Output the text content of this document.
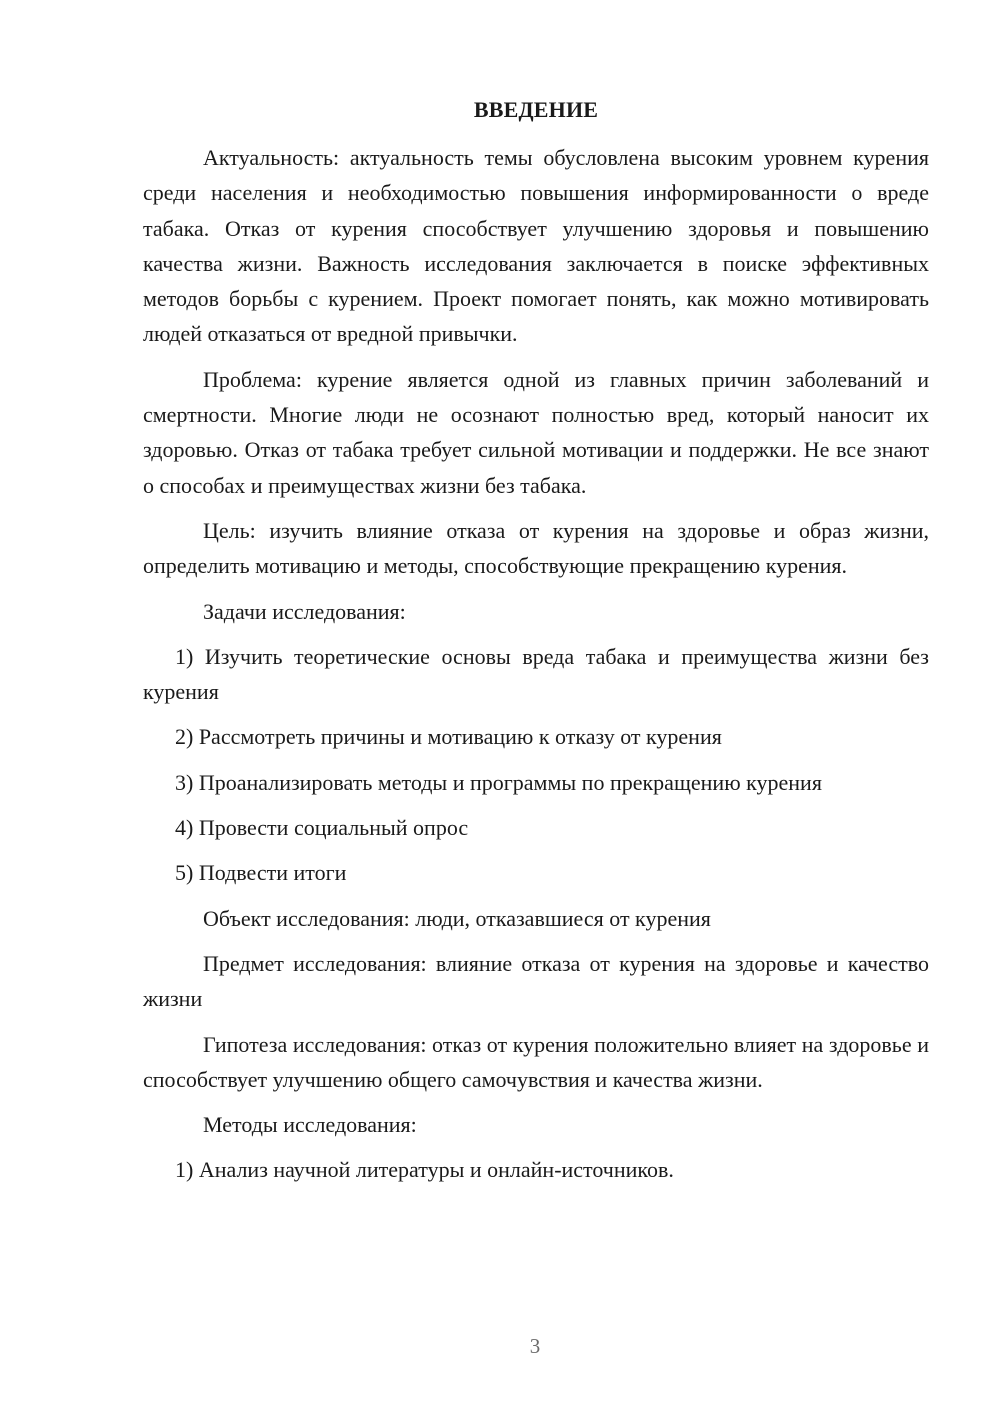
ВВЕДЕНИЕ

Актуальность: актуальность темы обусловлена высоким уровнем курения среди населения и необходимостью повышения информированности о вреде табака. Отказ от курения способствует улучшению здоровья и повышению качества жизни. Важность исследования заключается в поиске эффективных методов борьбы с курением. Проект помогает понять, как можно мотивировать людей отказаться от вредной привычки.

Проблема: курение является одной из главных причин заболеваний и смертности. Многие люди не осознают полностью вред, который наносит их здоровью. Отказ от табака требует сильной мотивации и поддержки. Не все знают о способах и преимуществах жизни без табака.

Цель: изучить влияние отказа от курения на здоровье и образ жизни, определить мотивацию и методы, способствующие прекращению курения.

Задачи исследования:

1) Изучить теоретические основы вреда табака и преимущества жизни без курения

2) Рассмотреть причины и мотивацию к отказу от курения

3) Проанализировать методы и программы по прекращению курения

4) Провести социальный опрос

5) Подвести итоги

Объект исследования: люди, отказавшиеся от курения

Предмет исследования: влияние отказа от курения на здоровье и качество жизни

Гипотеза исследования: отказ от курения положительно влияет на здоровье и способствует улучшению общего самочувствия и качества жизни.

Методы исследования:

1) Анализ научной литературы и онлайн-источников.

3
